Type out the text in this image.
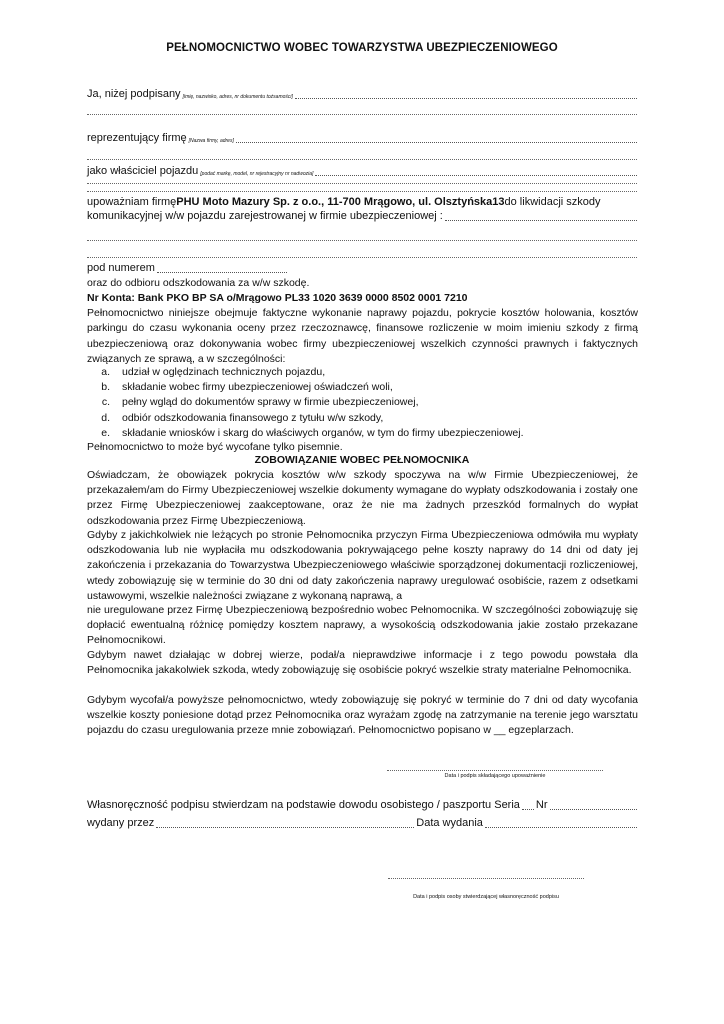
PEŁNOMOCNICTWO WOBEC TOWARZYSTWA UBEZPIECZENIOWEGO
Ja, niżej podpisany [imię, nazwisko, adres, nr dokumentu tożsamości]
reprezentujący firmę [Nazwa firmy, adres]
jako właściciel pojazdu [podać markę, model, nr rejestracyjny nr nadwozia]
upoważniam firmę PHU Moto Mazury Sp. z o.o., 11-700 Mrągowo, ul. Olsztyńska13 do likwidacji szkody
komunikacyjnej w/w pojazdu zarejestrowanej w firmie ubezpieczeniowej :
pod numerem
oraz do odbioru odszkodowania za w/w szkodę.
Nr Konta: Bank PKO BP SA o/Mrągowo PL33 1020 3639 0000 8502 0001 7210
Pełnomocnictwo niniejsze obejmuje faktyczne wykonanie naprawy pojazdu, pokrycie kosztów holowania, kosztów parkingu do czasu wykonania oceny przez rzeczoznawcę, finansowe rozliczenie w moim imieniu szkody z firmą ubezpieczeniową oraz dokonywania wobec firmy ubezpieczeniowej wszelkich czynności prawnych i faktycznych związanych ze sprawą, a w szczególności:
a. udział w oględzinach technicznych pojazdu,
b. składanie wobec firmy ubezpieczeniowej oświadczeń woli,
c. pełny wgląd do dokumentów sprawy w firmie ubezpieczeniowej,
d. odbiór odszkodowania finansowego z tytułu w/w szkody,
e. składanie wniosków i skarg do właściwych organów, w tym do firmy ubezpieczeniowej.
Pełnomocnictwo to może być wycofane tylko pisemnie.
ZOBOWIĄZANIE WOBEC PEŁNOMOCNIKA
Oświadczam, że obowiązek pokrycia kosztów w/w szkody spoczywa na w/w Firmie Ubezpieczeniowej, że przekazałem/am do Firmy Ubezpieczeniowej wszelkie dokumenty wymagane do wypłaty odszkodowania i zostały one przez Firmę Ubezpieczeniowej zaakceptowane, oraz że nie ma żadnych przeszkód formalnych do wypłat odszkodowania przez Firmę Ubezpieczeniową.
Gdyby z jakichkolwiek nie leżących po stronie Pełnomocnika przyczyn Firma Ubezpieczeniowa odmówiła mu wypłaty odszkodowania lub nie wypłaciła mu odszkodowania pokrywającego pełne koszty naprawy do 14 dni od daty jej zakończenia i przekazania do Towarzystwa Ubezpieczeniowego właściwie sporządzonej dokumentacji rozliczeniowej, wtedy zobowiązuję się w terminie do 30 dni od daty zakończenia naprawy uregulować osobiście, razem z odsetkami ustawowymi, wszelkie należności związane z wykonaną naprawą, a
nie uregulowane przez Firmę Ubezpieczeniową bezpośrednio wobec Pełnomocnika. W szczególności zobowiązuję się dopłacić ewentualną różnicę pomiędzy kosztem naprawy, a wysokością odszkodowania jakie zostało przekazane Pełnomocnikowi.
Gdybym nawet działając w dobrej wierze, podał/a nieprawdziwe informacje i z tego powodu powstała dla Pełnomocnika jakakolwiek szkoda, wtedy zobowiązuję się osobiście pokryć wszelkie straty materialne Pełnomocnika.
Gdybym wycofał/a powyższe pełnomocnictwo, wtedy zobowiązuję się pokryć w terminie do 7 dni od daty wycofania wszelkie koszty poniesione dotąd przez Pełnomocnika oraz wyrażam zgodę na zatrzymanie na terenie jego warsztatu pojazdu do czasu uregulowania przeze mnie zobowiązań. Pełnomocnictwo popisano w __ egzeplarzach.
Data i podpis składającego upoważnienie
Własnoręczność podpisu stwierdzam na podstawie dowodu osobistego / paszportu Seria Nr
wydany przez	Data wydania
Data i podpis osoby stwierdzającej własnoręczność podpisu
